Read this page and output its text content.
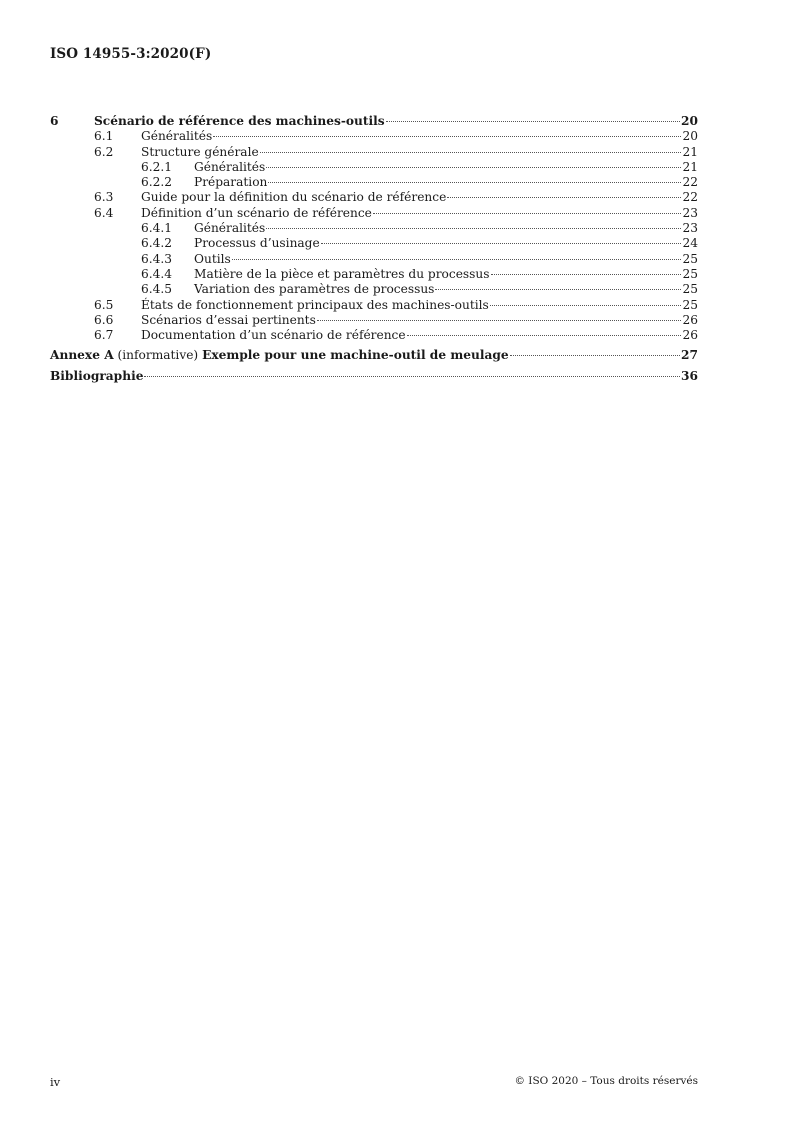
ISO 14955-3:2020(F)
6	Scénario de référence des machines-outils	20
6.1	Généralités	20
6.2	Structure générale	21
6.2.1	Généralités	21
6.2.2	Préparation	22
6.3	Guide pour la définition du scénario de référence	22
6.4	Définition d’un scénario de référence	23
6.4.1	Généralités	23
6.4.2	Processus d’usinage	24
6.4.3	Outils	25
6.4.4	Matière de la pièce et paramètres du processus	25
6.4.5	Variation des paramètres de processus	25
6.5	États de fonctionnement principaux des machines-outils	25
6.6	Scénarios d’essai pertinents	26
6.7	Documentation d’un scénario de référence	26
Annexe A (informative) Exemple pour une machine-outil de meulage	27
Bibliographie	36
iv	© ISO 2020 – Tous droits réservés
